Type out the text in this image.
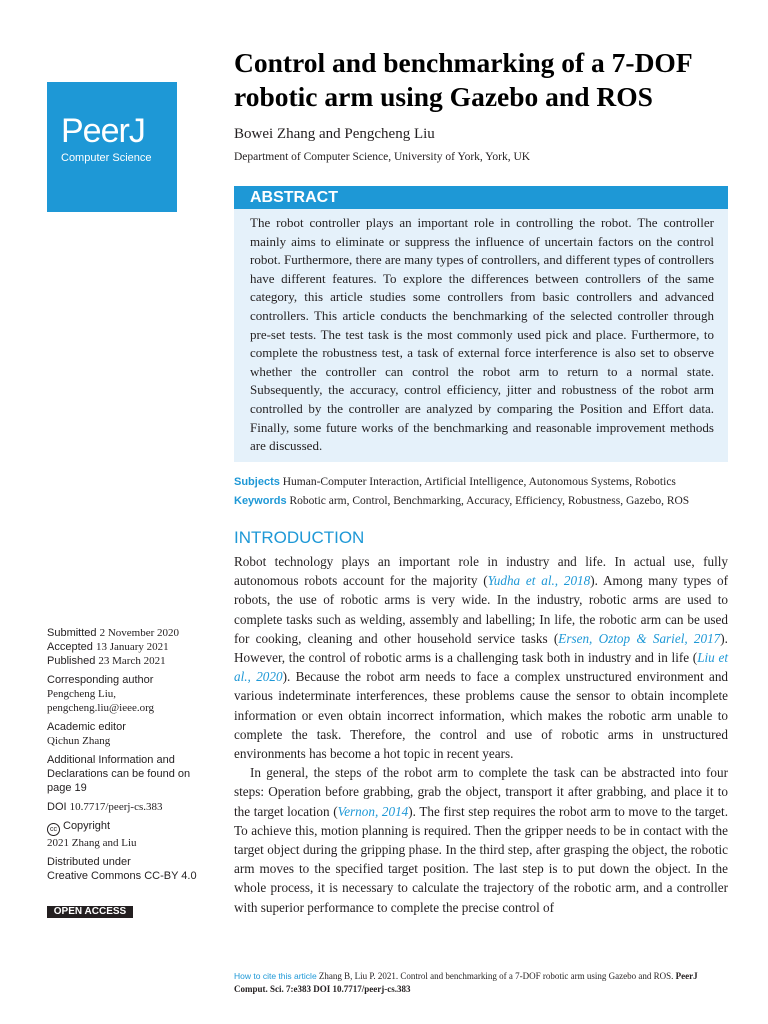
PeerJ
Computer Science
Control and benchmarking of a 7-DOF robotic arm using Gazebo and ROS
Bowei Zhang and Pengcheng Liu
Department of Computer Science, University of York, York, UK
ABSTRACT
The robot controller plays an important role in controlling the robot. The controller mainly aims to eliminate or suppress the influence of uncertain factors on the control robot. Furthermore, there are many types of controllers, and different types of controllers have different features. To explore the differences between controllers of the same category, this article studies some controllers from basic controllers and advanced controllers. This article conducts the benchmarking of the selected controller through pre-set tests. The test task is the most commonly used pick and place. Furthermore, to complete the robustness test, a task of external force interference is also set to observe whether the controller can control the robot arm to return to a normal state. Subsequently, the accuracy, control efficiency, jitter and robustness of the robot arm controlled by the controller are analyzed by comparing the Position and Effort data. Finally, some future works of the benchmarking and reasonable improvement methods are discussed.
Subjects Human-Computer Interaction, Artificial Intelligence, Autonomous Systems, Robotics
Keywords Robotic arm, Control, Benchmarking, Accuracy, Efficiency, Robustness, Gazebo, ROS
INTRODUCTION

Robot technology plays an important role in industry and life. In actual use, fully autonomous robots account for the majority (Yudha et al., 2018). Among many types of robots, the use of robotic arms is very wide. In the industry, robotic arms are used to complete tasks such as welding, assembly and labelling; In life, the robotic arm can be used for cooking, cleaning and other household service tasks (Ersen, Oztop & Sariel, 2017). However, the control of robotic arms is a challenging task both in industry and in life (Liu et al., 2020). Because the robot arm needs to face a complex unstructured environment and various indeterminate interferences, these problems cause the sensor to obtain incomplete information or even obtain incorrect information, which makes the robotic arm unable to complete the task. Therefore, the control and use of robotic arms in unstructured environments has become a hot topic in recent years.

In general, the steps of the robot arm to complete the task can be abstracted into four steps: Operation before grabbing, grab the object, transport it after grabbing, and place it to the target location (Vernon, 2014). The first step requires the robot arm to move to the target. To achieve this, motion planning is required. Then the gripper needs to be in contact with the target object during the gripping phase. In the third step, after grasping the object, the robotic arm moves to the specified target position. The last step is to put down the object. In the whole process, it is necessary to calculate the trajectory of the robotic arm, and a controller with superior performance to complete the precise control of

Submitted 2 November 2020
Accepted 13 January 2021
Published 23 March 2021
Corresponding author
Pengcheng Liu,
pengcheng.liu@ieee.org
Academic editor
Qichun Zhang
Additional Information and Declarations can be found on page 19
DOI 10.7717/peerj-cs.383
cc Copyright
2021 Zhang and Liu
Distributed under
Creative Commons CC-BY 4.0
OPEN ACCESS
How to cite this article Zhang B, Liu P. 2021. Control and benchmarking of a 7-DOF robotic arm using Gazebo and ROS. PeerJ Comput. Sci. 7:e383 DOI 10.7717/peerj-cs.383
